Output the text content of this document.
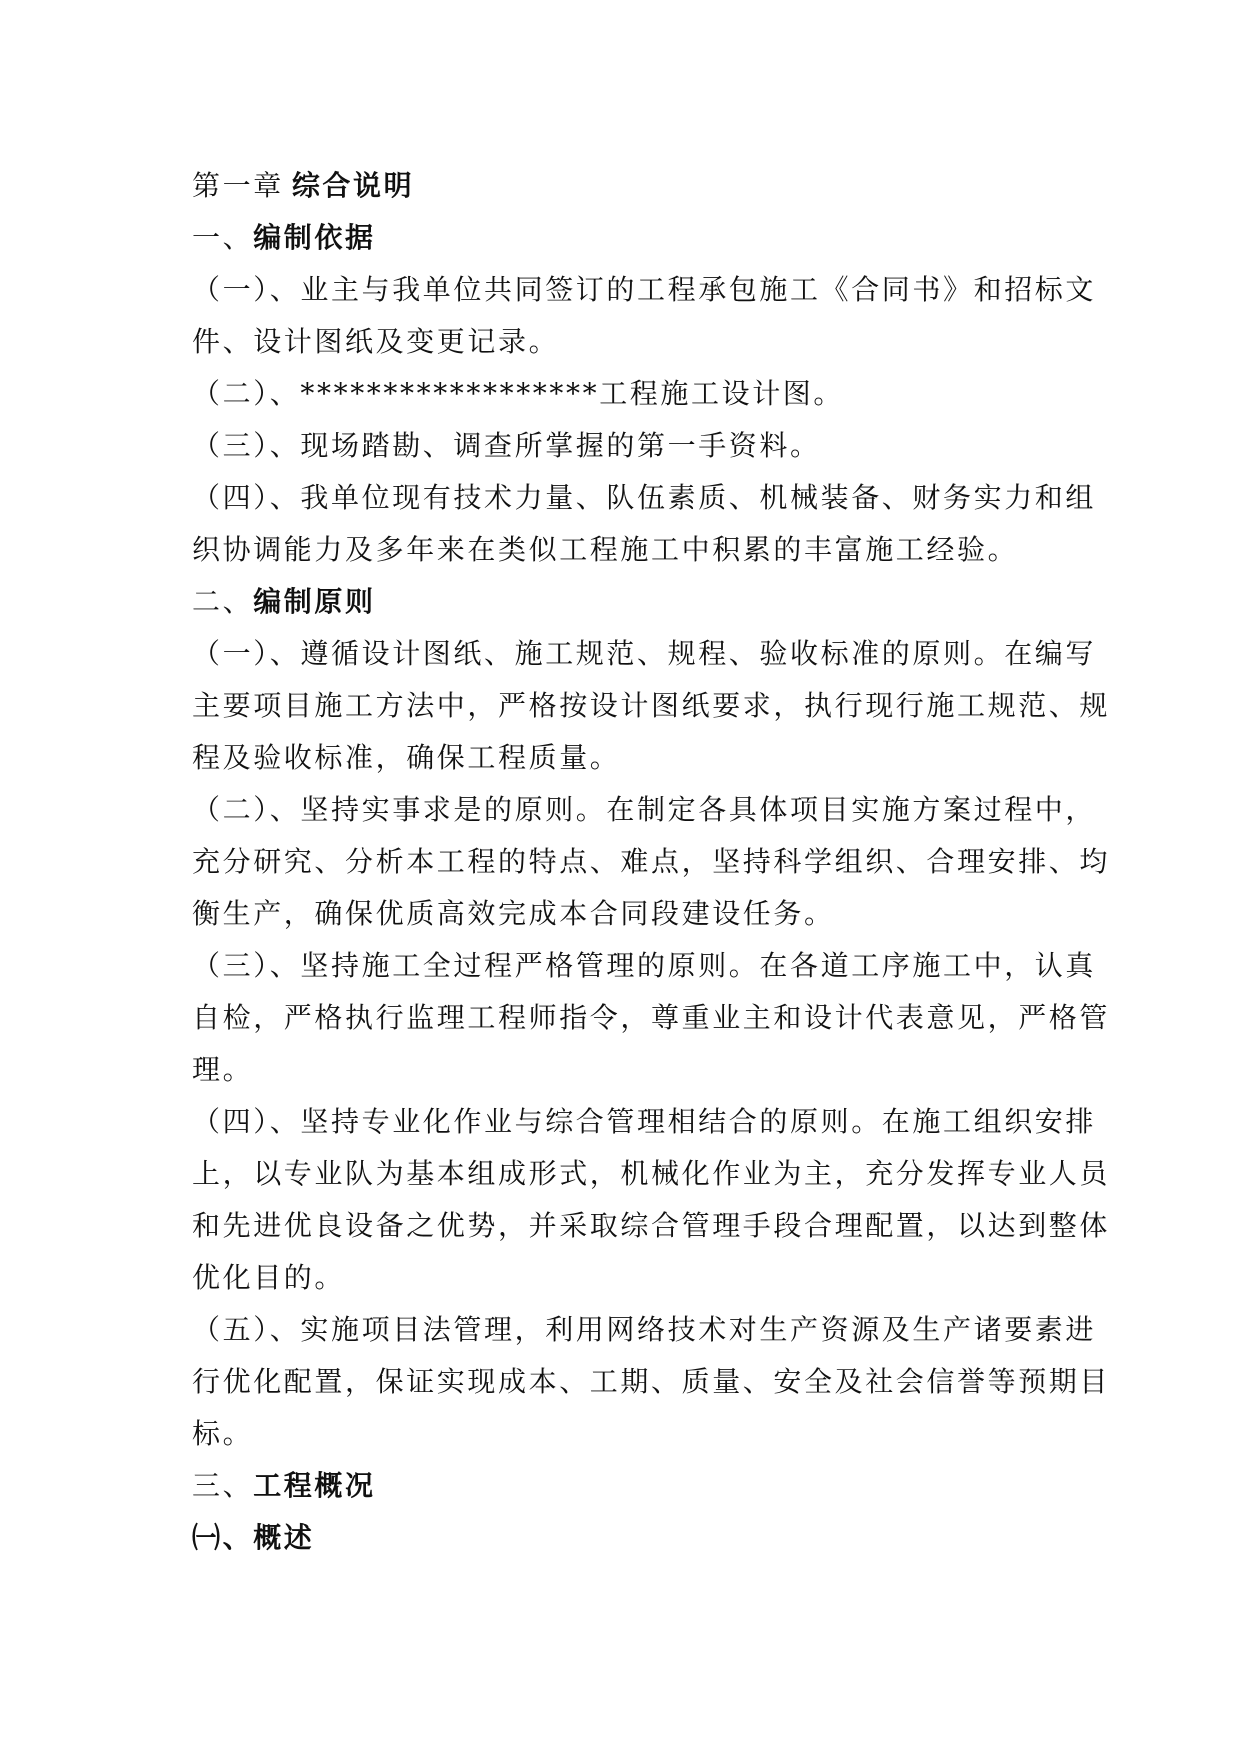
第一章 综合说明
一、编制依据
（一）、业主与我单位共同签订的工程承包施工《合同书》和招标文
件、设计图纸及变更记录。
（二）、******************工程施工设计图。
（三）、现场踏勘、调查所掌握的第一手资料。
（四）、我单位现有技术力量、队伍素质、机械装备、财务实力和组
织协调能力及多年来在类似工程施工中积累的丰富施工经验。
二、编制原则
（一）、遵循设计图纸、施工规范、规程、验收标准的原则。在编写
主要项目施工方法中，严格按设计图纸要求，执行现行施工规范、规
程及验收标准，确保工程质量。
（二）、坚持实事求是的原则。在制定各具体项目实施方案过程中，
充分研究、分析本工程的特点、难点，坚持科学组织、合理安排、均
衡生产，确保优质高效完成本合同段建设任务。
（三）、坚持施工全过程严格管理的原则。在各道工序施工中，认真
自检，严格执行监理工程师指令，尊重业主和设计代表意见，严格管
理。
（四）、坚持专业化作业与综合管理相结合的原则。在施工组织安排
上，以专业队为基本组成形式，机械化作业为主，充分发挥专业人员
和先进优良设备之优势，并采取综合管理手段合理配置，以达到整体
优化目的。
（五）、实施项目法管理，利用网络技术对生产资源及生产诸要素进
行优化配置，保证实现成本、工期、质量、安全及社会信誉等预期目
标。
三、工程概况
㈠、概述
